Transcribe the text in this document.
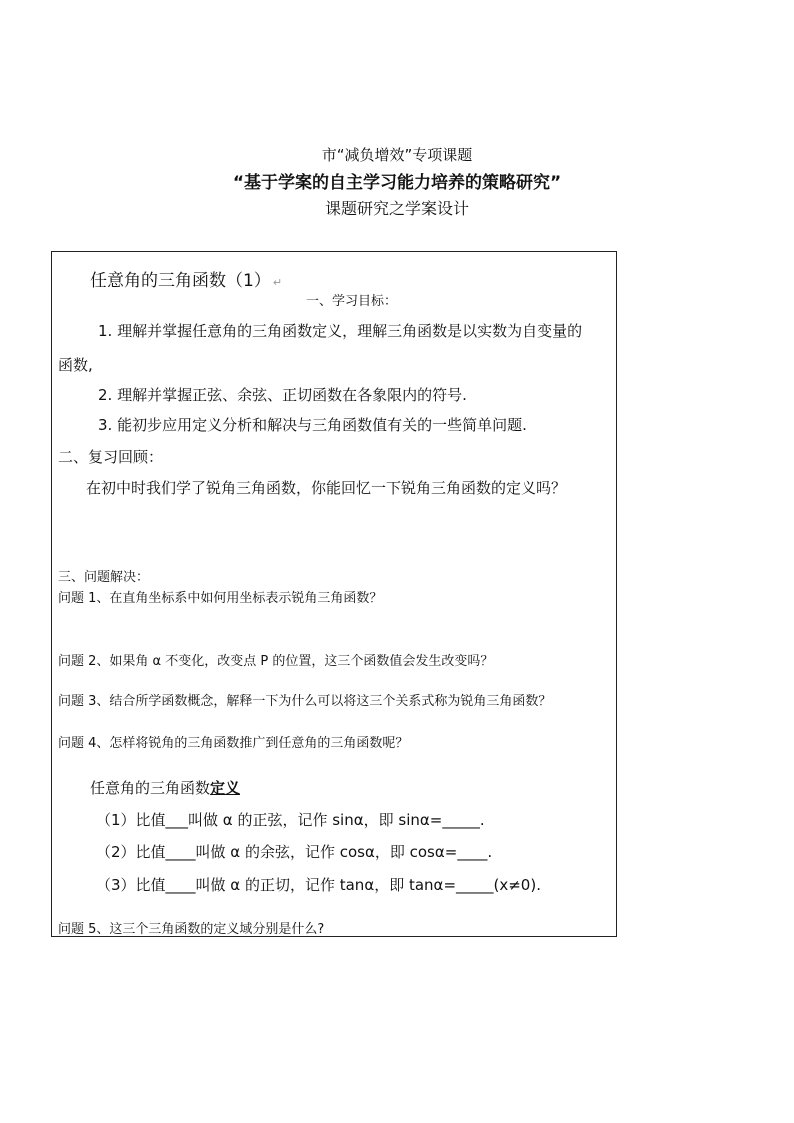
市“减负增效”专项课题
“基于学案的自主学习能力培养的策略研究”
课题研究之学案设计
任意角的三角函数（1） ↵
一、学习目标：
1. 理解并掌握任意角的三角函数定义，理解三角函数是以实数为自变量的
函数,
2. 理解并掌握正弦、余弦、正切函数在各象限内的符号.
3. 能初步应用定义分析和解决与三角函数值有关的一些简单问题.
二、复习回顾：
在初中时我们学了锐角三角函数，你能回忆一下锐角三角函数的定义吗？
三、问题解决：
问题 1、在直角坐标系中如何用坐标表示锐角三角函数？
问题 2、如果角 α 不变化，改变点 P 的位置，这三个函数值会发生改变吗？
问题 3、结合所学函数概念，解释一下为什么可以将这三个关系式称为锐角三角函数？
问题 4、怎样将锐角的三角函数推广到任意角的三角函数呢？
任意角的三角函数定义
（1）比值___叫做 α 的正弦，记作 sinα，即 sinα=_____.
（2）比值____叫做 α 的余弦，记作 cosα，即 cosα=____.
（3）比值____叫做 α 的正切，记作 tanα，即 tanα=_____(x≠0).
问题 5、这三个三角函数的定义域分别是什么?
